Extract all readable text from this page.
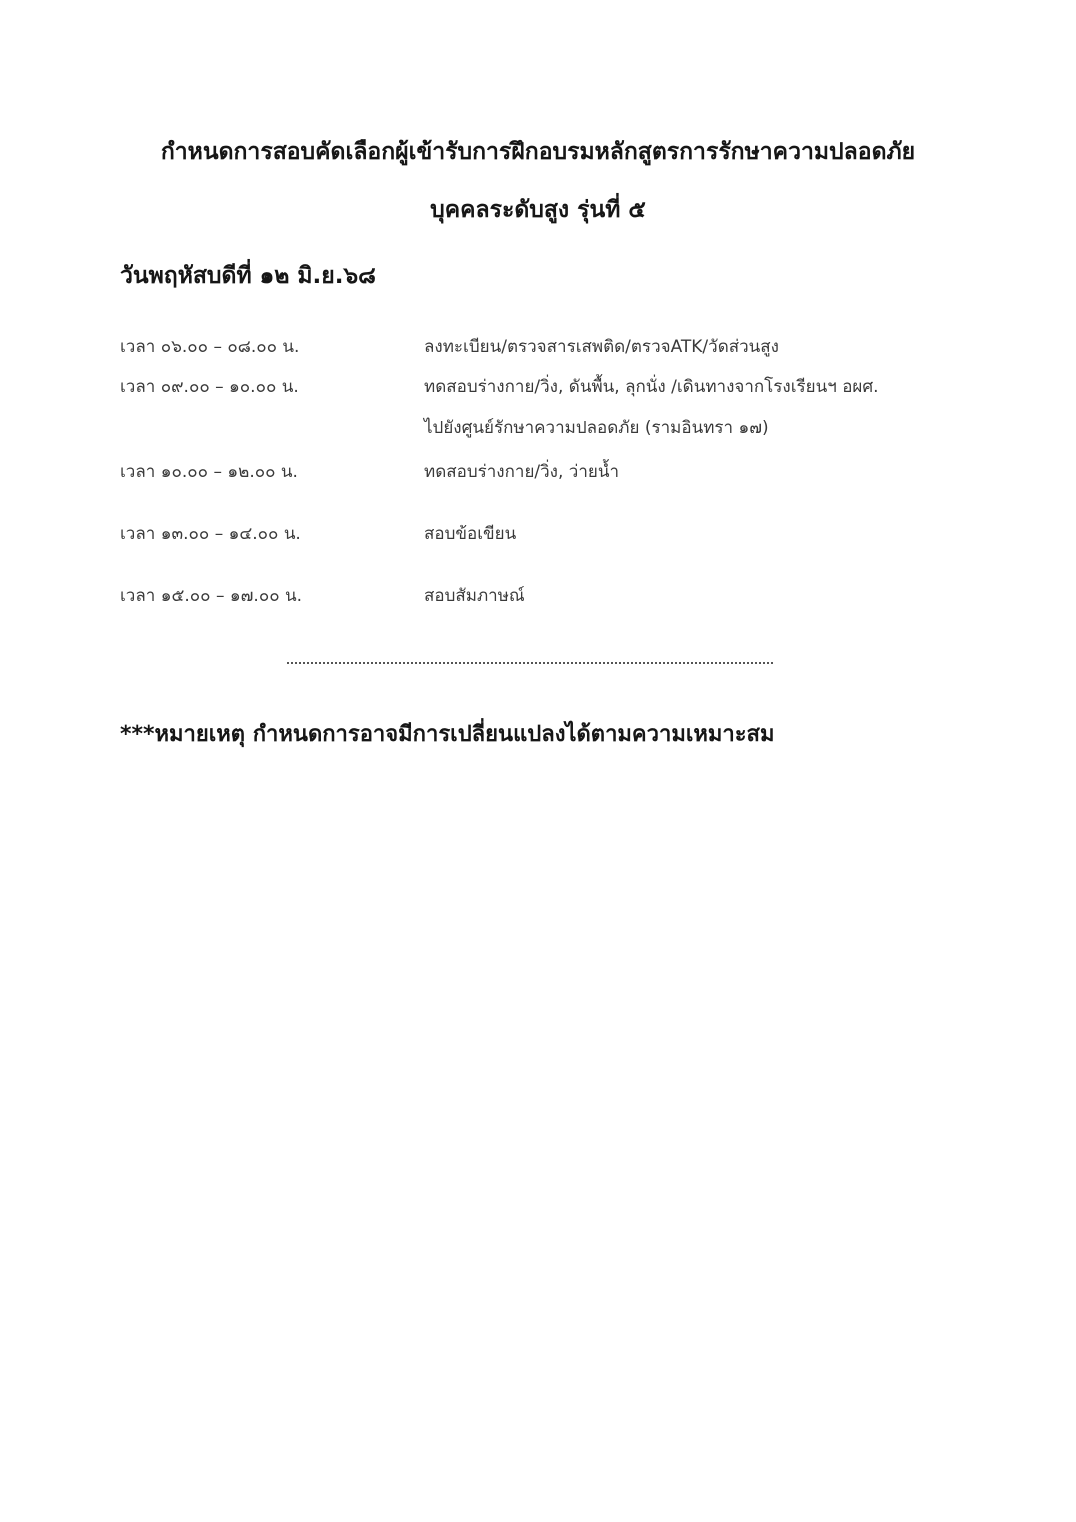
กำหนดการสอบคัดเลือกผู้เข้ารับการฝึกอบรมหลักสูตรการรักษาความปลอดภัย
บุคคลระดับสูง รุ่นที่ ๕
วันพฤหัสบดีที่ ๑๒ มิ.ย.๖๘
เวลา ๐๖.๐๐ – ๐๘.๐๐ น.	ลงทะเบียน/ตรวจสารเสพติด/ตรวจATK/วัดส่วนสูง
เวลา ๐๙.๐๐ – ๑๐.๐๐ น.	ทดสอบร่างกาย/วิ่ง, ดันพื้น, ลุกนั่ง /เดินทางจากโรงเรียนฯ อผศ.
ไปยังศูนย์รักษาความปลอดภัย (รามอินทรา ๑๗)
เวลา ๑๐.๐๐ – ๑๒.๐๐ น.	ทดสอบร่างกาย/วิ่ง, ว่ายน้ำ
เวลา ๑๓.๐๐ – ๑๔.๐๐ น.	สอบข้อเขียน
เวลา ๑๕.๐๐ – ๑๗.๐๐ น.	สอบสัมภาษณ์
***หมายเหตุ กำหนดการอาจมีการเปลี่ยนแปลงได้ตามความเหมาะสม
